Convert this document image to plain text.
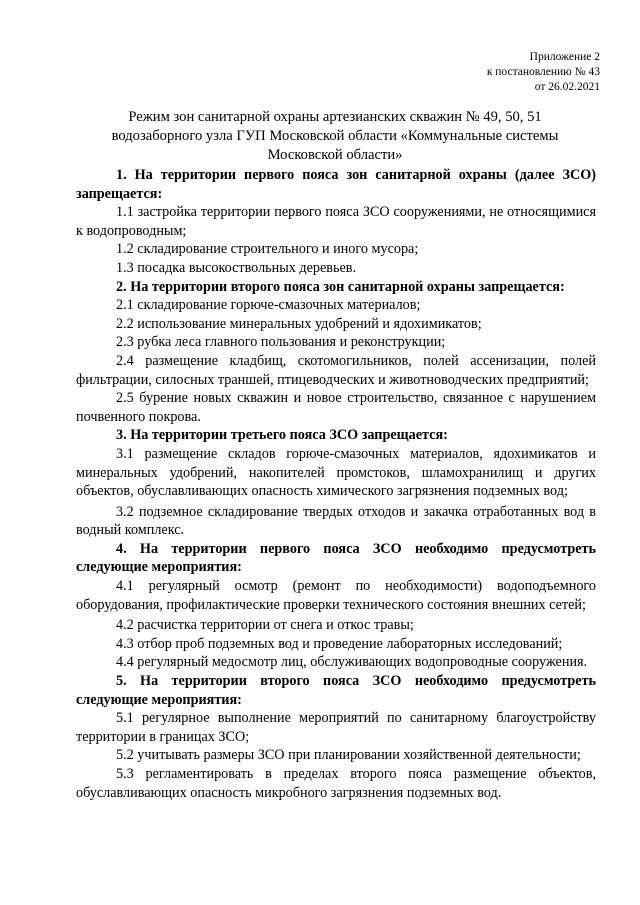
Приложение 2
к постановлению № 43
от 26.02.2021
Режим зон санитарной охраны артезианских скважин № 49, 50, 51
водозаборного узла ГУП Московской области «Коммунальные системы
Московской области»

1. На территории первого пояса зон санитарной охраны (далее ЗСО) запрещается:

1.1 застройка территории первого пояса ЗСО сооружениями, не относящимися к водопроводным;

1.2 складирование строительного и иного мусора;

1.3 посадка высокоствольных деревьев.

2. На территории второго пояса зон санитарной охраны запрещается:

2.1 складирование горюче-смазочных материалов;

2.2 использование минеральных удобрений и ядохимикатов;

2.3 рубка леса главного пользования и реконструкции;

2.4 размещение кладбищ, скотомогильников, полей ассенизации, полей фильтрации, силосных траншей, птицеводческих и животноводческих предприятий;

2.5 бурение новых скважин и новое строительство, связанное с нарушением почвенного покрова.

3. На территории третьего пояса ЗСО запрещается:

3.1 размещение складов горюче-смазочных материалов, ядохимикатов и минеральных удобрений, накопителей промстоков, шламохранилищ и других объектов, обуславливающих опасность химического загрязнения подземных вод;

3.2 подземное складирование твердых отходов и закачка отработанных вод в водный комплекс.

4. На территории первого пояса ЗСО необходимо предусмотреть следующие мероприятия:

4.1 регулярный осмотр (ремонт по необходимости) водоподъемного оборудования, профилактические проверки технического состояния внешних сетей;

4.2 расчистка территории от снега и откос травы;

4.3 отбор проб подземных вод и проведение лабораторных исследований;

4.4 регулярный медосмотр лиц, обслуживающих водопроводные сооружения.

5. На территории второго пояса ЗСО необходимо предусмотреть следующие мероприятия:

5.1 регулярное выполнение мероприятий по санитарному благоустройству территории в границах ЗСО;

5.2 учитывать размеры ЗСО при планировании хозяйственной деятельности;

5.3 регламентировать в пределах второго пояса размещение объектов, обуславливающих опасность микробного загрязнения подземных вод.
